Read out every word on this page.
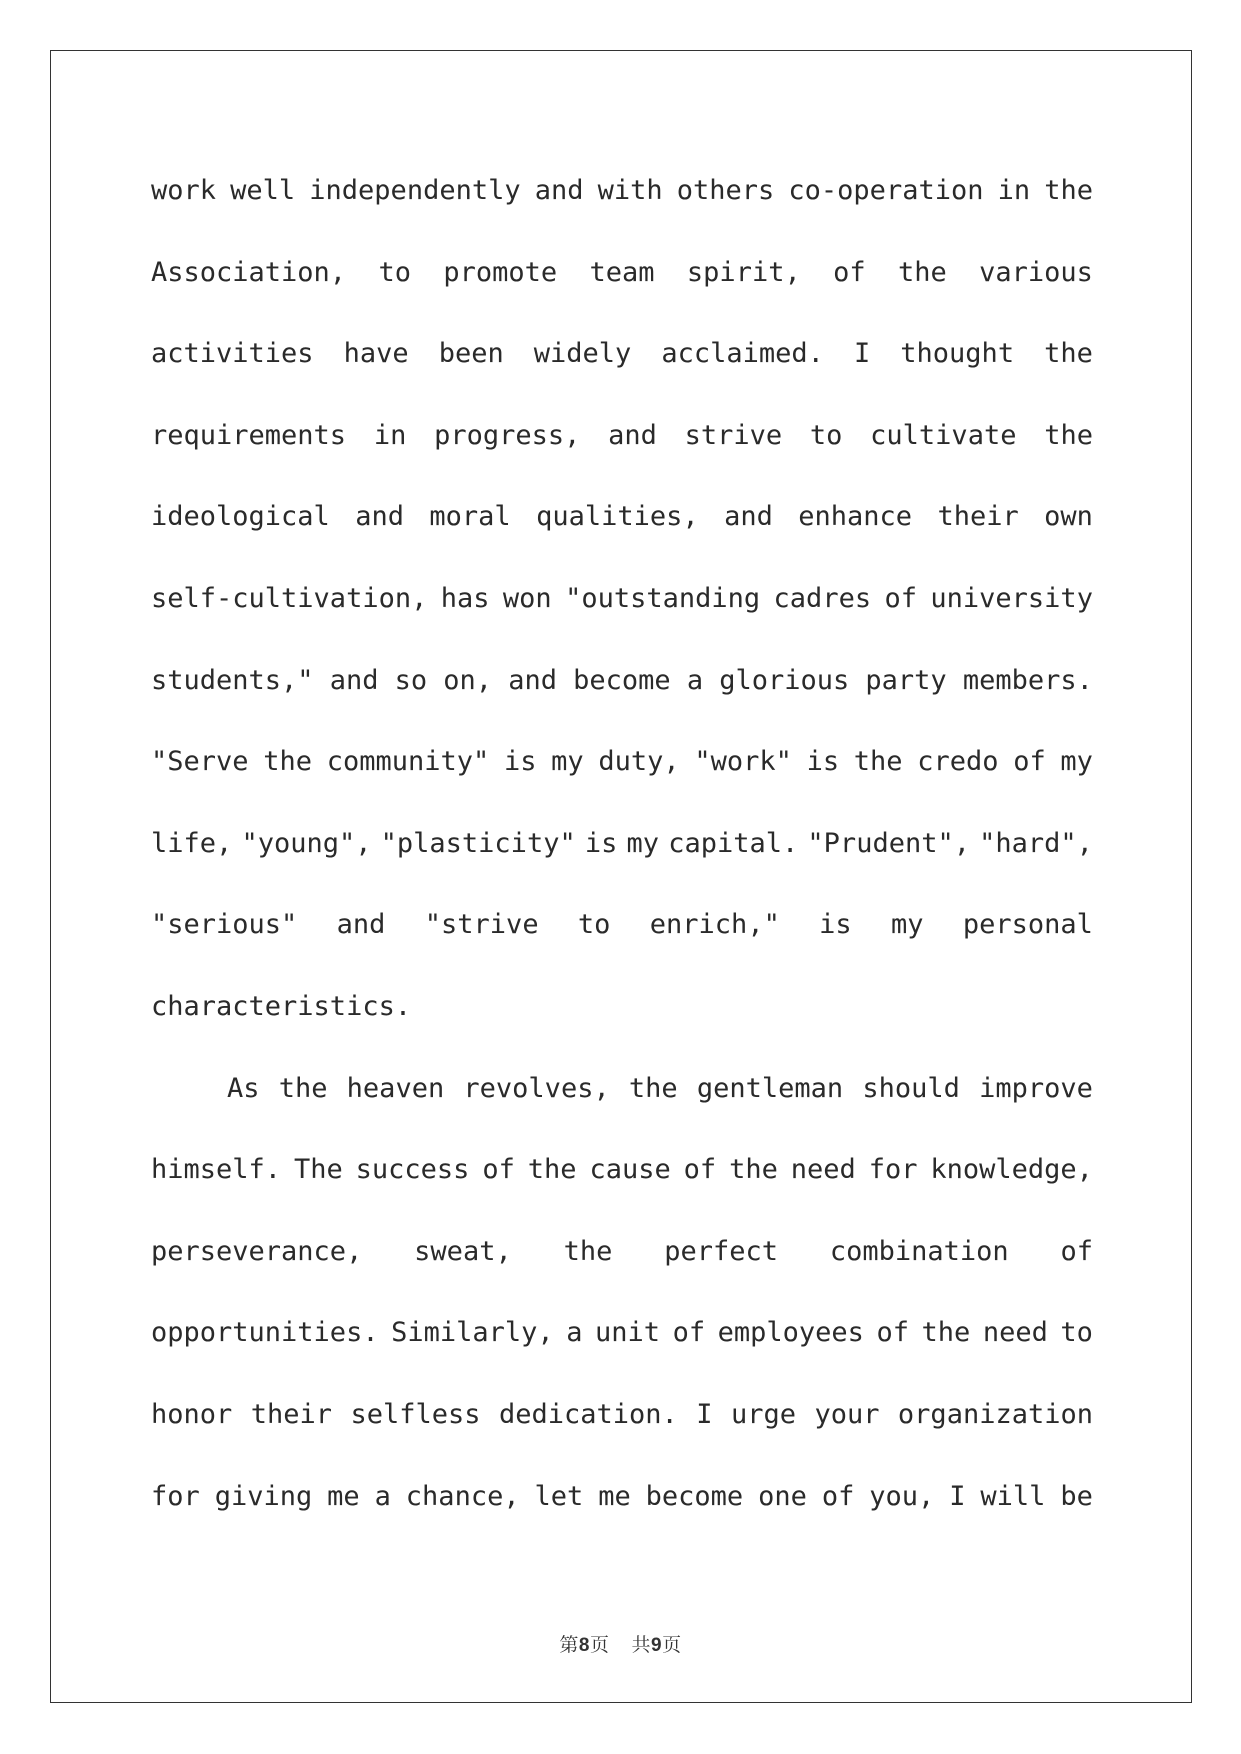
work well independently and with others co-operation in the
Association, to promote team spirit, of the various
activities have been widely acclaimed. I thought the
requirements in progress, and strive to cultivate the
ideological and moral qualities, and enhance their own
self-cultivation, has won "outstanding cadres of university
students," and so on, and become a glorious party members.
"Serve the community" is my duty, "work" is the credo of my
life, "young", "plasticity" is my capital. "Prudent", "hard",
"serious" and "strive to enrich," is my personal
characteristics.
As the heaven revolves, the gentleman should improve
himself. The success of the cause of the need for knowledge,
perseverance, sweat, the perfect combination of
opportunities. Similarly, a unit of employees of the need to
honor their selfless dedication. I urge your organization
for giving me a chance, let me become one of you, I will be
第8页 共9页
